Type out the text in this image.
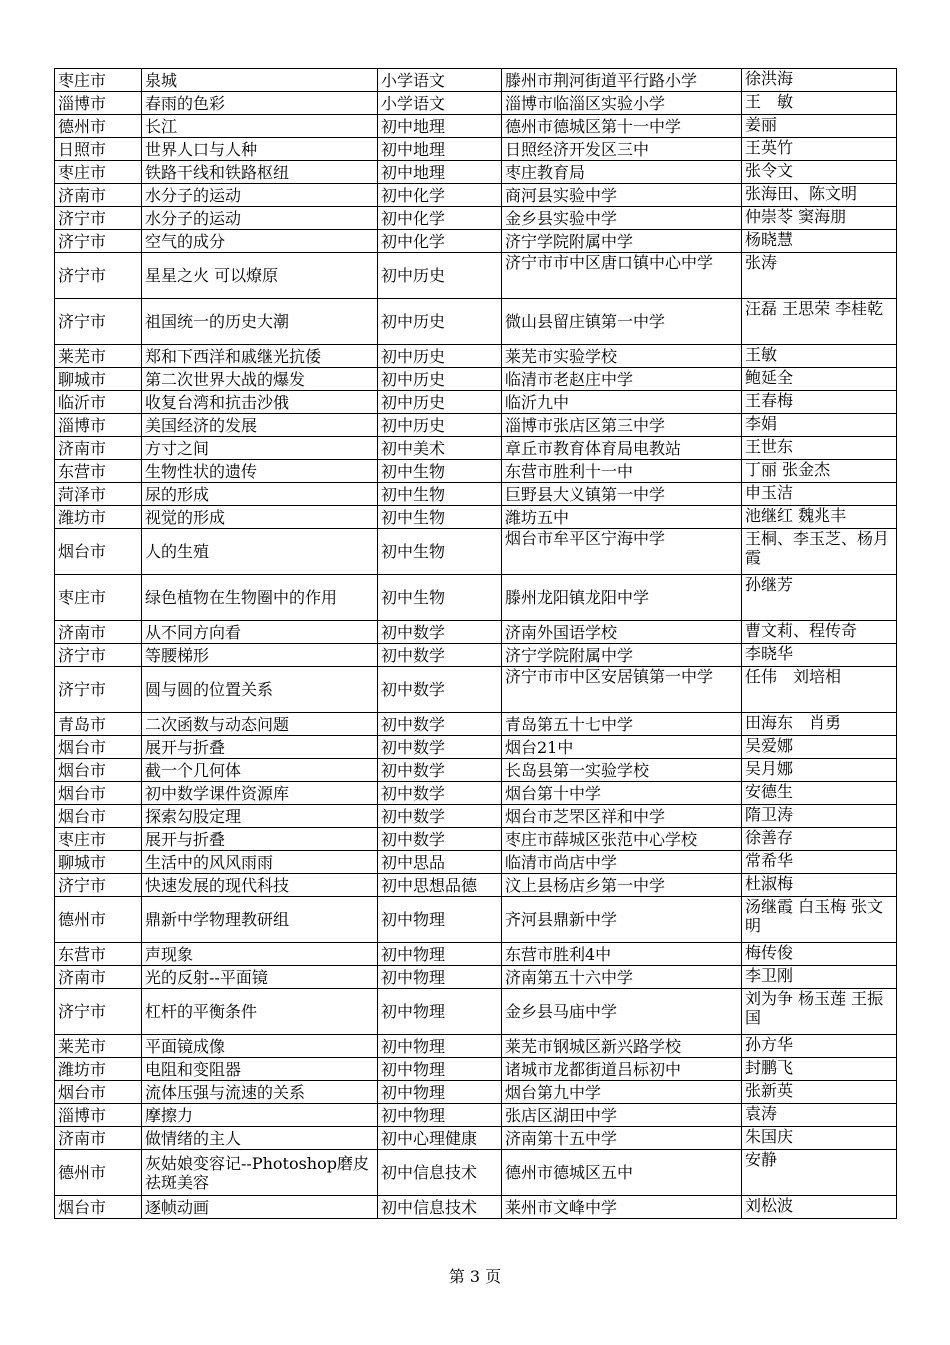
枣庄市	泉城	小学语文	滕州市荆河街道平行路小学	徐洪海
淄博市	春雨的色彩	小学语文	淄博市临淄区实验小学	王　敏
德州市	长江	初中地理	德州市德城区第十一中学	姜丽
日照市	世界人口与人种	初中地理	日照经济开发区三中	王英竹
枣庄市	铁路干线和铁路枢纽	初中地理	枣庄教育局	张令文
济南市	水分子的运动	初中化学	商河县实验中学	张海田、陈文明
济宁市	水分子的运动	初中化学	金乡县实验中学	仲崇苓 窦海朋
济宁市	空气的成分	初中化学	济宁学院附属中学	杨晓慧
济宁市	星星之火 可以燎原	初中历史	济宁市市中区唐口镇中心中学	张涛
济宁市	祖国统一的历史大潮	初中历史	微山县留庄镇第一中学	汪磊 王思荣 李桂乾
莱芜市	郑和下西洋和戚继光抗倭	初中历史	莱芜市实验学校	王敏
聊城市	第二次世界大战的爆发	初中历史	临清市老赵庄中学	鲍延全
临沂市	收复台湾和抗击沙俄	初中历史	临沂九中	王春梅
淄博市	美国经济的发展	初中历史	淄博市张店区第三中学	李娟
济南市	方寸之间	初中美术	章丘市教育体育局电教站	王世东
东营市	生物性状的遗传	初中生物	东营市胜利十一中	丁丽 张金杰
菏泽市	尿的形成	初中生物	巨野县大义镇第一中学	申玉洁
潍坊市	视觉的形成	初中生物	潍坊五中	池继红 魏兆丰
烟台市	人的生殖	初中生物	烟台市牟平区宁海中学	王桐、李玉芝、杨月霞
枣庄市	绿色植物在生物圈中的作用	初中生物	滕州龙阳镇龙阳中学	孙继芳
济南市	从不同方向看	初中数学	济南外国语学校	曹文莉、程传奇
济宁市	等腰梯形	初中数学	济宁学院附属中学	李晓华
济宁市	圆与圆的位置关系	初中数学	济宁市市中区安居镇第一中学	任伟　刘培相
青岛市	二次函数与动态问题	初中数学	青岛第五十七中学	田海东　肖勇
烟台市	展开与折叠	初中数学	烟台21中	吴爱娜
烟台市	截一个几何体	初中数学	长岛县第一实验学校	吴月娜
烟台市	初中数学课件资源库	初中数学	烟台第十中学	安德生
烟台市	探索勾股定理	初中数学	烟台市芝罘区祥和中学	隋卫涛
枣庄市	展开与折叠	初中数学	枣庄市薛城区张范中心学校	徐善存
聊城市	生活中的风风雨雨	初中思品	临清市尚店中学	常希华
济宁市	快速发展的现代科技	初中思想品德	汶上县杨店乡第一中学	杜淑梅
德州市	鼎新中学物理教研组	初中物理	齐河县鼎新中学	汤继霞 白玉梅 张文明
东营市	声现象	初中物理	东营市胜利4中	梅传俊
济南市	光的反射--平面镜	初中物理	济南第五十六中学	李卫刚
济宁市	杠杆的平衡条件	初中物理	金乡县马庙中学	刘为争 杨玉莲 王振国
莱芜市	平面镜成像	初中物理	莱芜市钢城区新兴路学校	孙方华
潍坊市	电阻和变阻器	初中物理	诸城市龙都街道吕标初中	封鹏飞
烟台市	流体压强与流速的关系	初中物理	烟台第九中学	张新英
淄博市	摩擦力	初中物理	张店区湖田中学	袁涛
济南市	做情绪的主人	初中心理健康	济南第十五中学	朱国庆
德州市	灰姑娘变容记--Photoshop磨皮祛斑美容	初中信息技术	德州市德城区五中	安静
烟台市	逐帧动画	初中信息技术	莱州市文峰中学	刘松波
第 3 页
